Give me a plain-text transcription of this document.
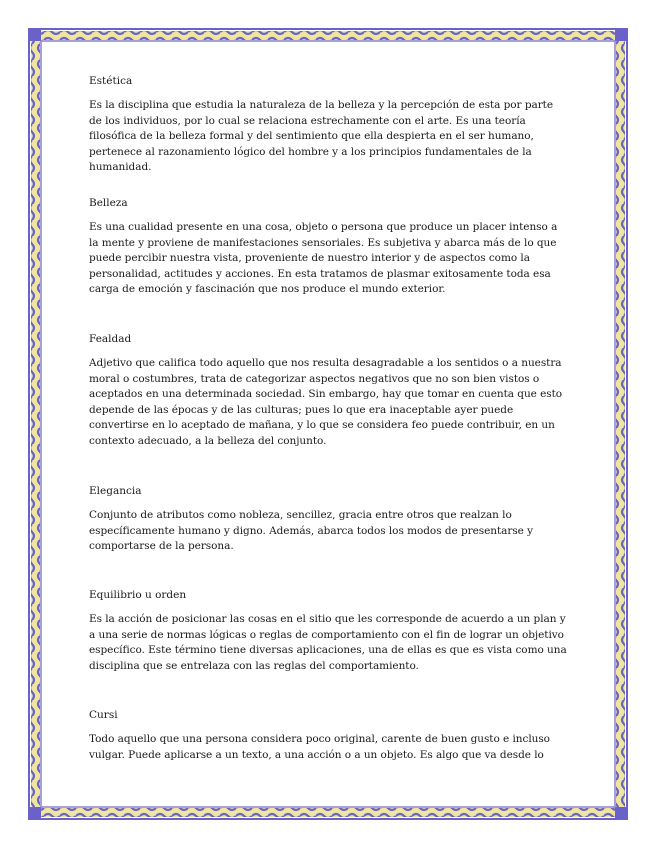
Estética

Es la disciplina que estudia la naturaleza de la belleza y la percepción de esta por parte de los individuos, por lo cual se relaciona estrechamente con el arte. Es una teoría filosófica de la belleza formal y del sentimiento que ella despierta en el ser humano, pertenece al razonamiento lógico del hombre y a los principios fundamentales de la humanidad.

Belleza

Es una cualidad presente en una cosa, objeto o persona que produce un placer intenso a la mente y proviene de manifestaciones sensoriales. Es subjetiva y abarca más de lo que puede percibir nuestra vista, proveniente de nuestro interior y de aspectos como la personalidad, actitudes y acciones. En esta tratamos de plasmar exitosamente toda esa carga de emoción y fascinación que nos produce el mundo exterior.

Fealdad

Adjetivo que califica todo aquello que nos resulta desagradable a los sentidos o a nuestra moral o costumbres, trata de categorizar aspectos negativos que no son bien vistos o aceptados en una determinada sociedad. Sin embargo, hay que tomar en cuenta que esto depende de las épocas y de las culturas; pues lo que era inaceptable ayer puede convertirse en lo aceptado de mañana, y lo que se considera feo puede contribuir, en un contexto adecuado, a la belleza del conjunto.

Elegancia

Conjunto de atributos como nobleza, sencillez, gracia entre otros que realzan lo específicamente humano y digno. Además, abarca todos los modos de presentarse y comportarse de la persona.

Equilibrio u orden

Es la acción de posicionar las cosas en el sitio que les corresponde de acuerdo a un plan y a una serie de normas lógicas o reglas de comportamiento con el fin de lograr un objetivo específico. Este término tiene diversas aplicaciones, una de ellas es que es vista como una disciplina que se entrelaza con las reglas del comportamiento.

Cursi

Todo aquello que una persona considera poco original, carente de buen gusto e incluso vulgar. Puede aplicarse a un texto, a una acción o a un objeto. Es algo que va desde lo
